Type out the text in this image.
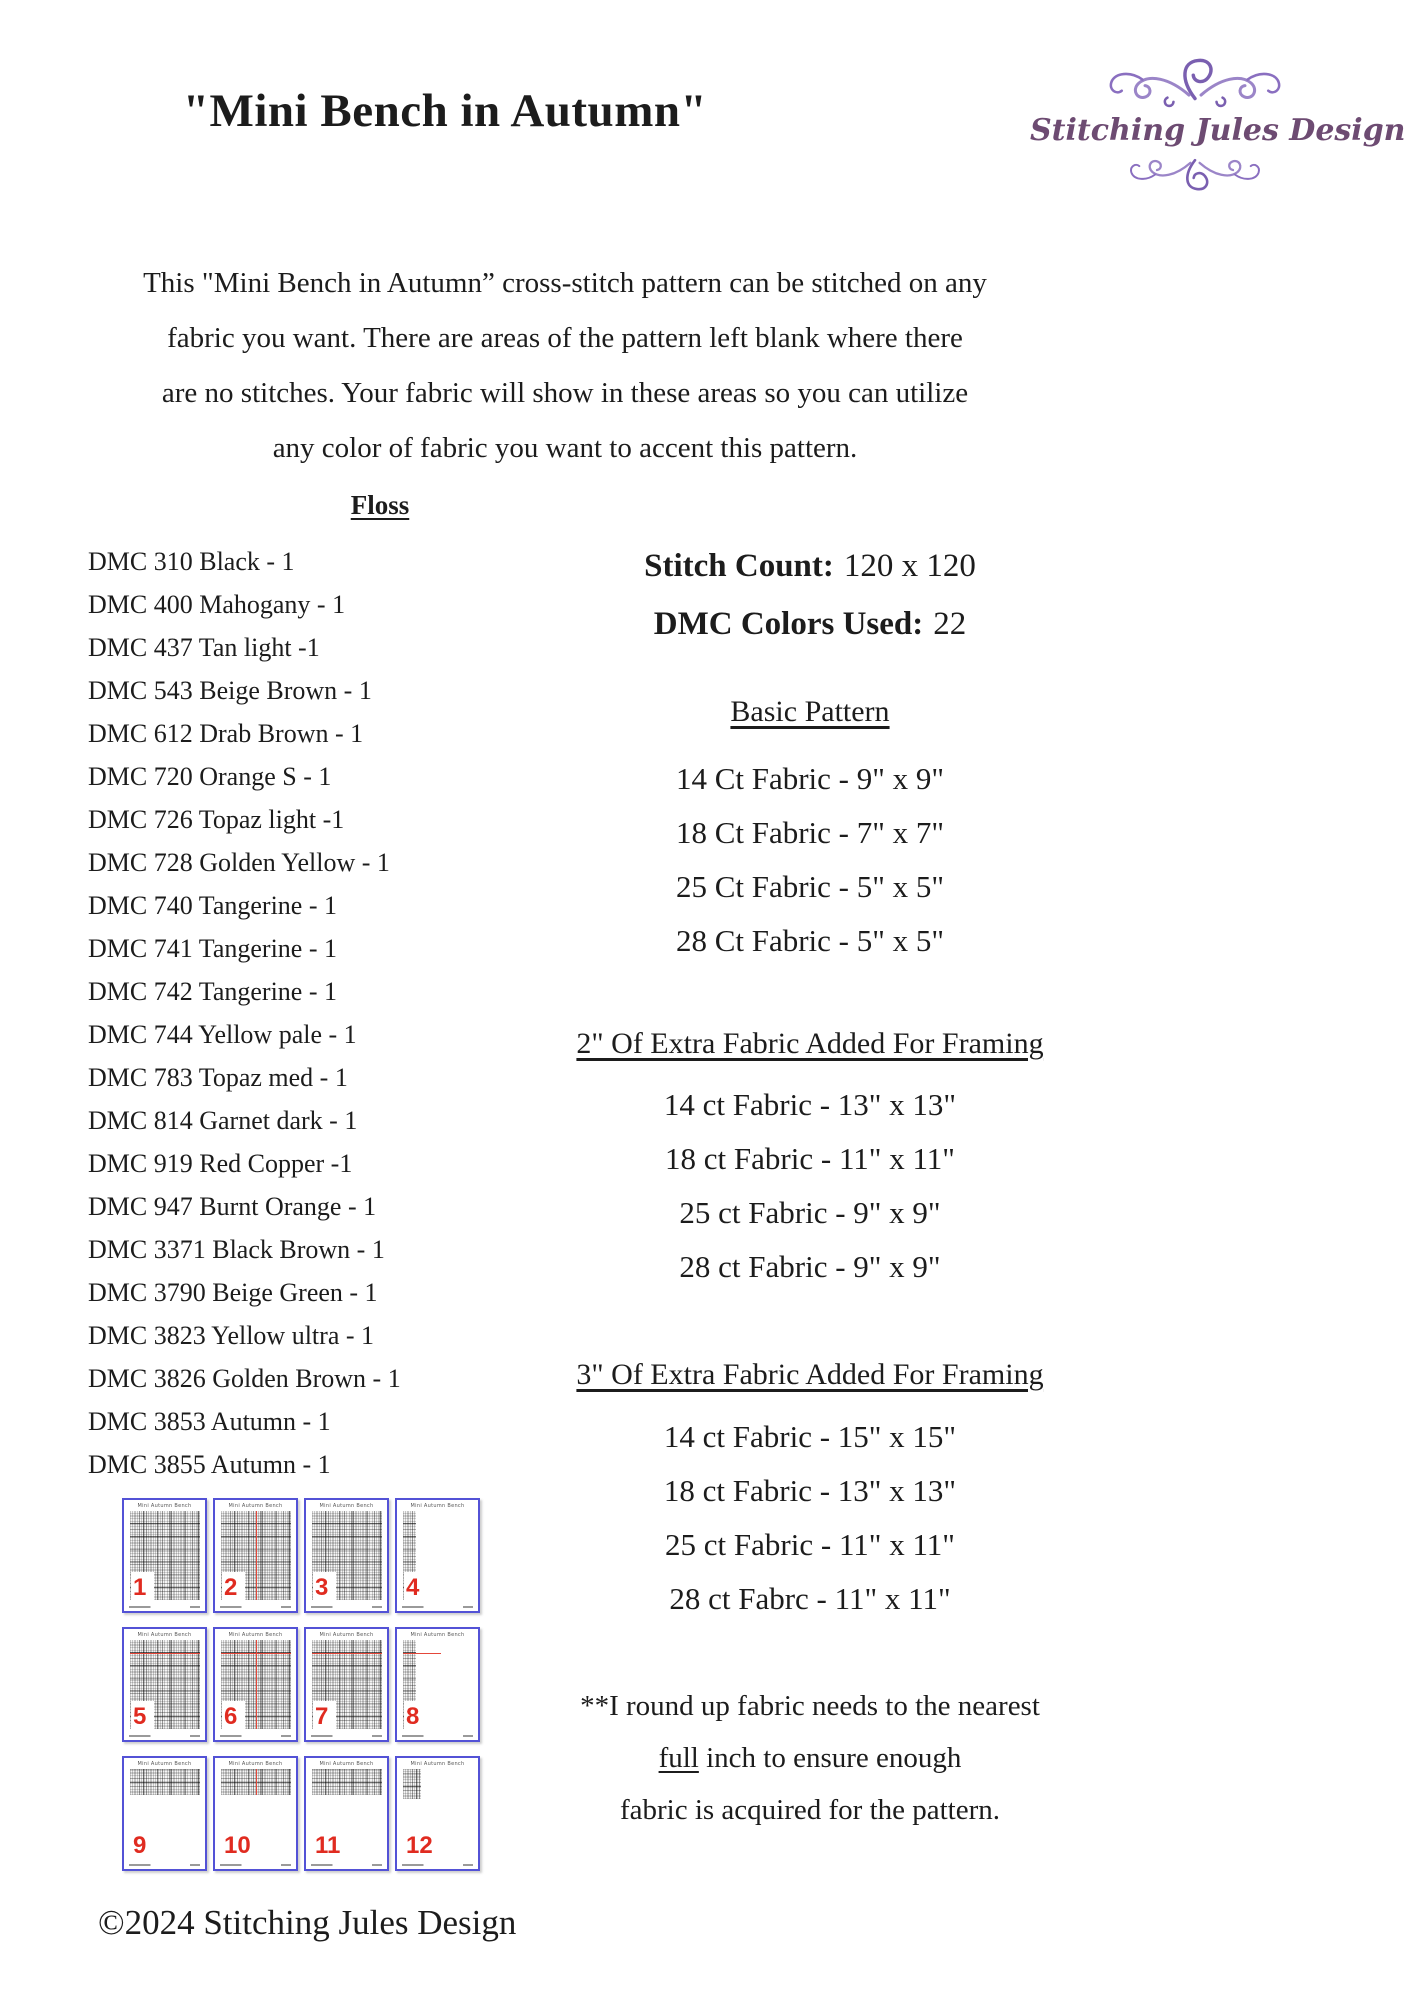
"Mini Bench in Autumn"	Stitching Jules Design
This "Mini Bench in Autumn” cross-stitch pattern can be stitched on any
fabric you want. There are areas of the pattern left blank where there
are no stitches. Your fabric will show in these areas so you can utilize
any color of fabric you want to accent this pattern.
Floss
DMC 310 Black - 1
DMC 400 Mahogany - 1
DMC 437 Tan light -1
DMC 543 Beige Brown - 1
DMC 612 Drab Brown - 1
DMC 720 Orange S - 1
DMC 726 Topaz light -1
DMC 728 Golden Yellow - 1
DMC 740 Tangerine - 1
DMC 741 Tangerine - 1
DMC 742 Tangerine - 1
DMC 744 Yellow pale - 1
DMC 783 Topaz med - 1
DMC 814 Garnet dark - 1
DMC 919 Red Copper -1
DMC 947 Burnt Orange - 1
DMC 3371 Black Brown - 1
DMC 3790 Beige Green - 1
DMC 3823 Yellow ultra - 1
DMC 3826 Golden Brown - 1
DMC 3853 Autumn - 1
DMC 3855 Autumn - 1
Stitch Count: 120 x 120
DMC Colors Used: 22
Basic Pattern
14 Ct Fabric - 9" x 9"
18 Ct Fabric - 7" x 7"
25 Ct Fabric - 5" x 5"
28 Ct Fabric - 5" x 5"
2" Of Extra Fabric Added For Framing
14 ct Fabric - 13" x 13"
18 ct Fabric - 11" x 11"
25 ct Fabric - 9" x 9"
28 ct Fabric - 9" x 9"
3" Of Extra Fabric Added For Framing
14 ct Fabric - 15" x 15"
18 ct Fabric - 13" x 13"
25 ct Fabric - 11" x 11"
28 ct Fabrc - 11" x 11"
**I round up fabric needs to the nearest
full inch to ensure enough
fabric is acquired for the pattern.
Mini Autumn Bench
1
Mini Autumn Bench
2
Mini Autumn Bench
3
Mini Autumn Bench
4
Mini Autumn Bench
5
Mini Autumn Bench
6
Mini Autumn Bench
7
Mini Autumn Bench
8
Mini Autumn Bench
9
Mini Autumn Bench
10
Mini Autumn Bench
11
Mini Autumn Bench
12
©2024 Stitching Jules Design
